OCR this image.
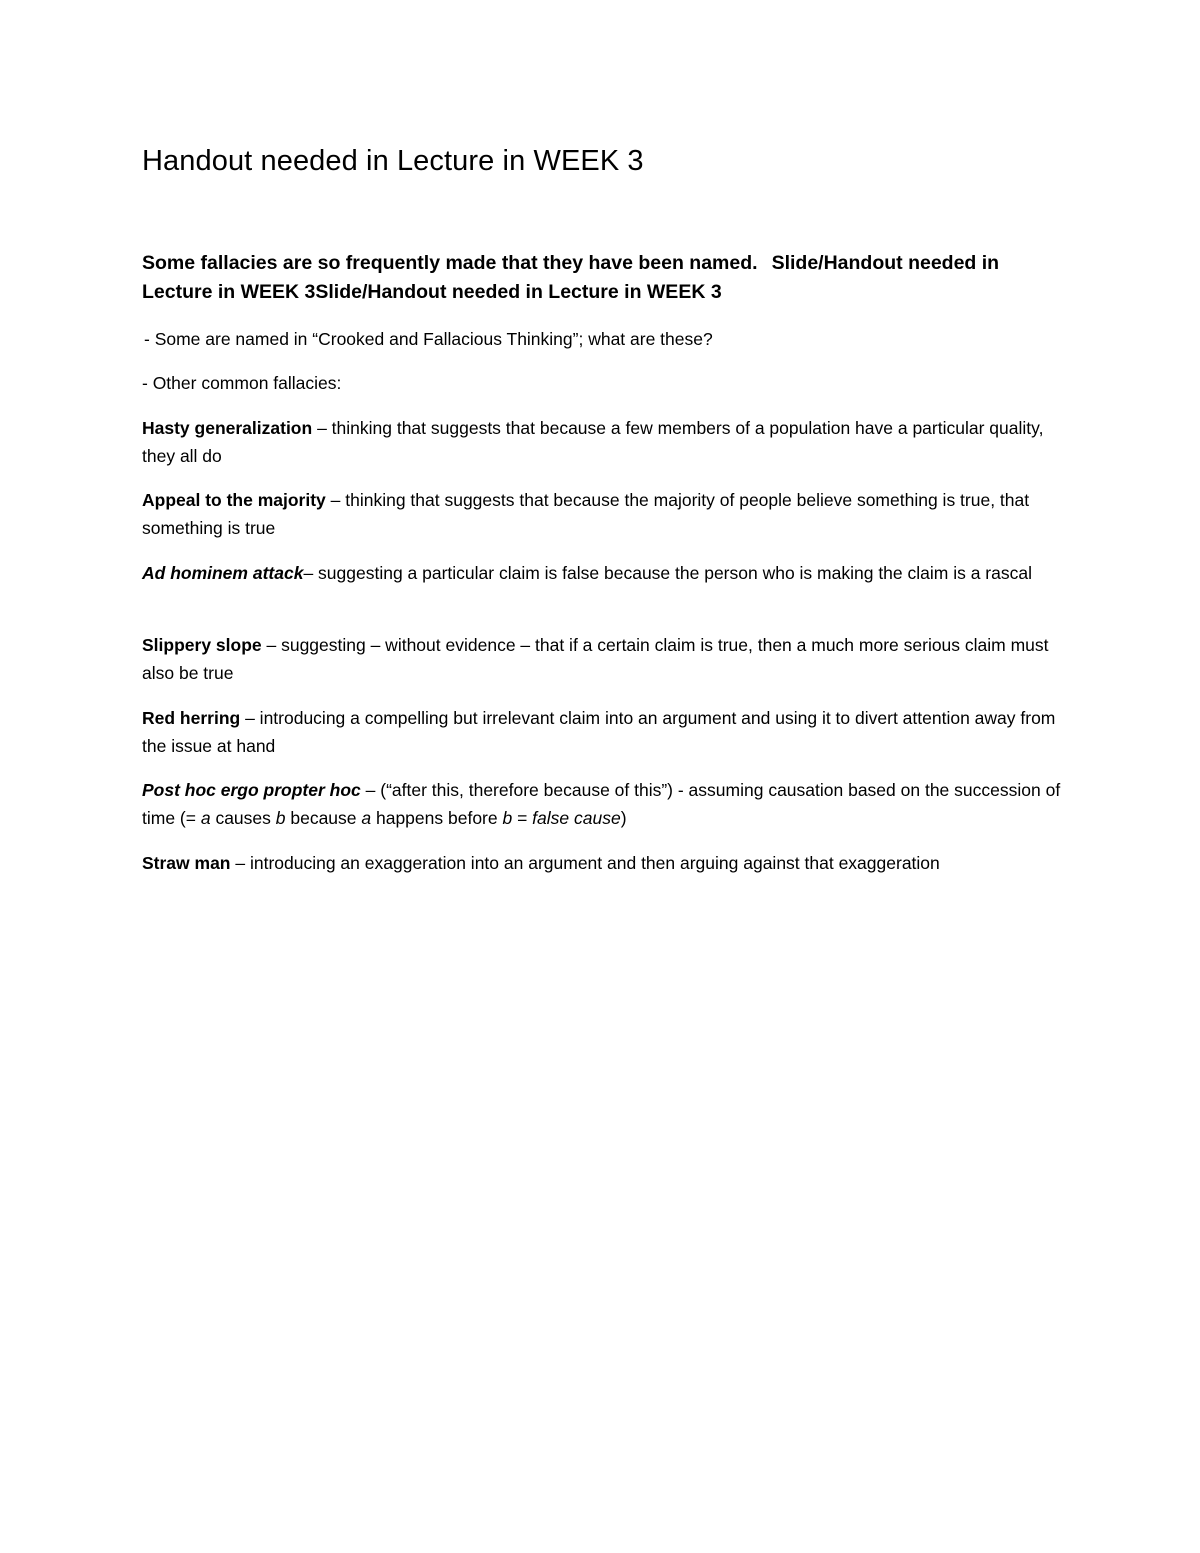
Handout needed in Lecture in WEEK 3

Some fallacies are so frequently made that they have been named. Slide/Handout needed in Lecture in WEEK 3Slide/Handout needed in Lecture in WEEK 3

- Some are named in “Crooked and Fallacious Thinking”; what are these?

- Other common fallacies:

Hasty generalization – thinking that suggests that because a few members of a population have a particular quality, they all do

Appeal to the majority – thinking that suggests that because the majority of people believe something is true, that something is true

Ad hominem attack– suggesting a particular claim is false because the person who is making the claim is a rascal

Slippery slope – suggesting – without evidence – that if a certain claim is true, then a much more serious claim must also be true

Red herring – introducing a compelling but irrelevant claim into an argument and using it to divert attention away from the issue at hand

Post hoc ergo propter hoc – (“after this, therefore because of this”) - assuming causation based on the succession of time (= a causes b because a happens before b = false cause)

Straw man – introducing an exaggeration into an argument and then arguing against that exaggeration
